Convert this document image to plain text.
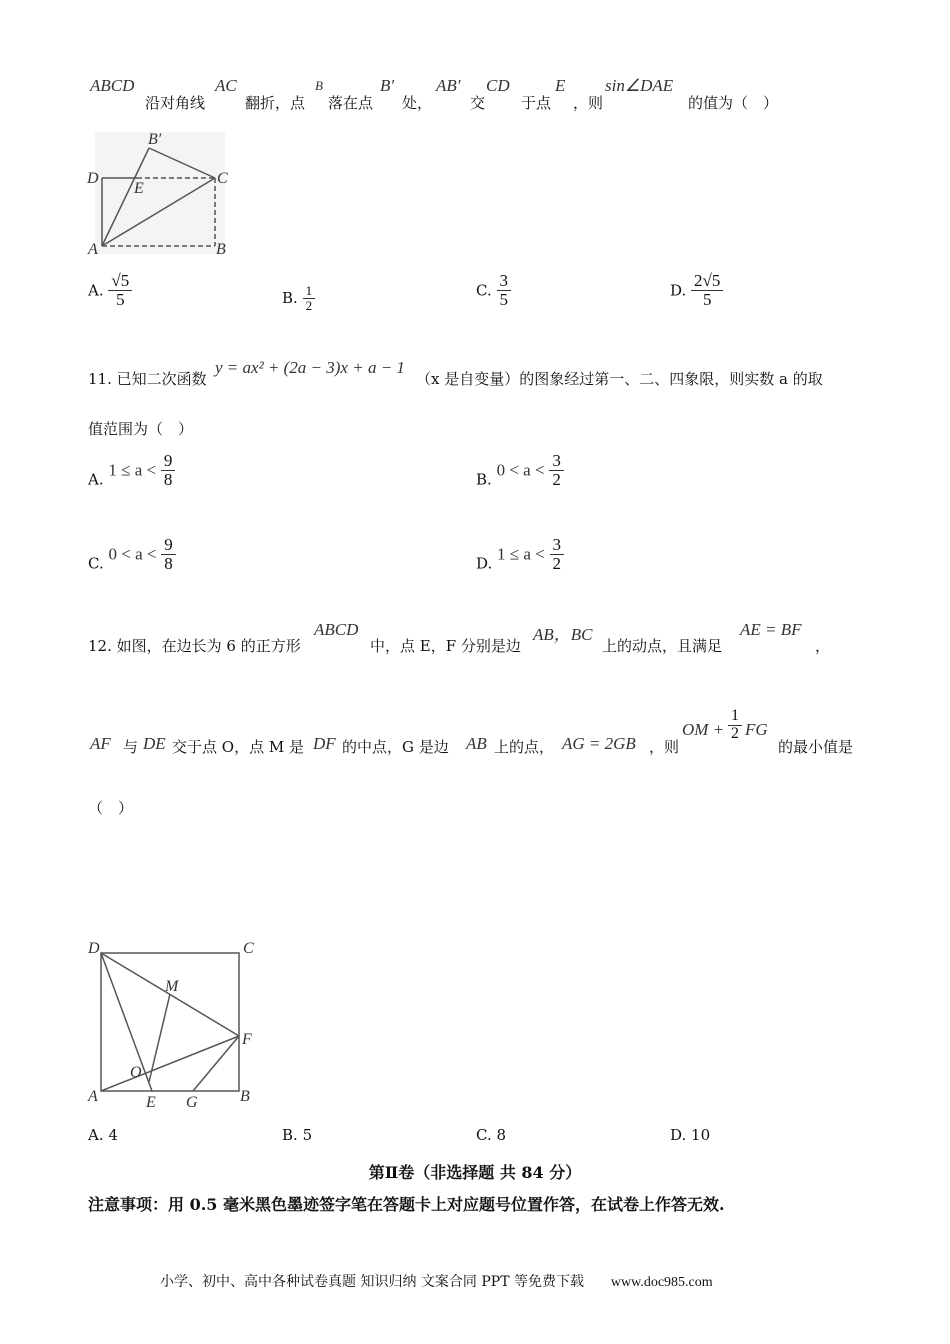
ABCD
沿对角线
AC
翻折，点
B
落在点
B′
处，
AB′
交
CD
于点
E
，则
sin∠DAE
的值为（　）
B′
D
E
C
A	B
A. $\frac{√5}{5}$	B. $\frac{1}{2}$	C. $\frac{3}{5}$	D. $\frac{2√5}{5}$
11. 已知二次函数
y = ax² + (2a − 3)x + a − 1
（x 是自变量）的图象经过第一、二、四象限，则实数 a 的取
值范围为（　）
A. $1 \le a < \frac{9}{8}$	B. $0 < a < \frac{3}{2}$
C. $0 < a < \frac{9}{8}$	D. $1 \le a < \frac{3}{2}$
12. 如图，在边长为 6 的正方形
ABCD
中，点 E，F 分别是边
AB，BC
上的动点，且满足
AE = BF
，
AF 与 DE 交于点 O，点 M 是 DF 的中点，G 是边 AB 上的点， AG = 2GB ，则
OM + $\frac{1}{2}$ FG
的最小值是
（　）
D	C
M
F
O
A	E G	B
A. 4	B. 5	C. 8	D. 10
第Ⅱ卷（非选择题 共 84 分）
注意事项：用 0.5 毫米黑色墨迹签字笔在答题卡上对应题号位置作答，在试卷上作答无效.
小学、初中、高中各种试卷真题 知识归纳 文案合同 PPT 等免费下载 www.doc985.com
